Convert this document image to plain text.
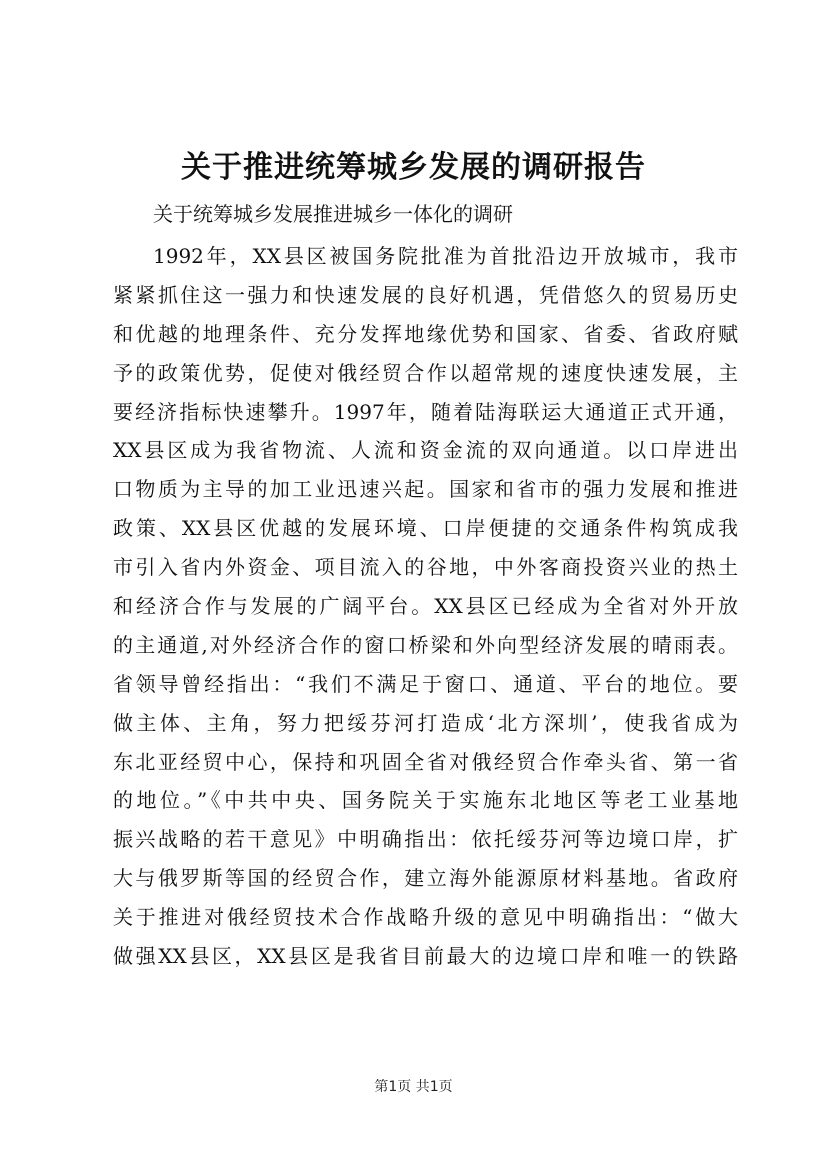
关于推进统筹城乡发展的调研报告
关于统筹城乡发展推进城乡一体化的调研
1992年，XX县区被国务院批准为首批沿边开放城市，我市
紧紧抓住这一强力和快速发展的良好机遇，凭借悠久的贸易历史
和优越的地理条件、充分发挥地缘优势和国家、省委、省政府赋
予的政策优势，促使对俄经贸合作以超常规的速度快速发展，主
要经济指标快速攀升。1997年，随着陆海联运大通道正式开通，
XX县区成为我省物流、人流和资金流的双向通道。以口岸进出
口物质为主导的加工业迅速兴起。国家和省市的强力发展和推进
政策、XX县区优越的发展环境、口岸便捷的交通条件构筑成我
市引入省内外资金、项目流入的谷地，中外客商投资兴业的热土
和经济合作与发展的广阔平台。XX县区已经成为全省对外开放
的主通道,对外经济合作的窗口桥梁和外向型经济发展的晴雨表。
省领导曾经指出：“我们不满足于窗口、通道、平台的地位。要
做主体、主角，努力把绥芬河打造成‘北方深圳’，使我省成为
东北亚经贸中心，保持和巩固全省对俄经贸合作牵头省、第一省
的地位。”《中共中央、国务院关于实施东北地区等老工业基地
振兴战略的若干意见》中明确指出：依托绥芬河等边境口岸，扩
大与俄罗斯等国的经贸合作，建立海外能源原材料基地。省政府
关于推进对俄经贸技术合作战略升级的意见中明确指出：“做大
做强XX县区，XX县区是我省目前最大的边境口岸和唯一的铁路
第1页 共1页
